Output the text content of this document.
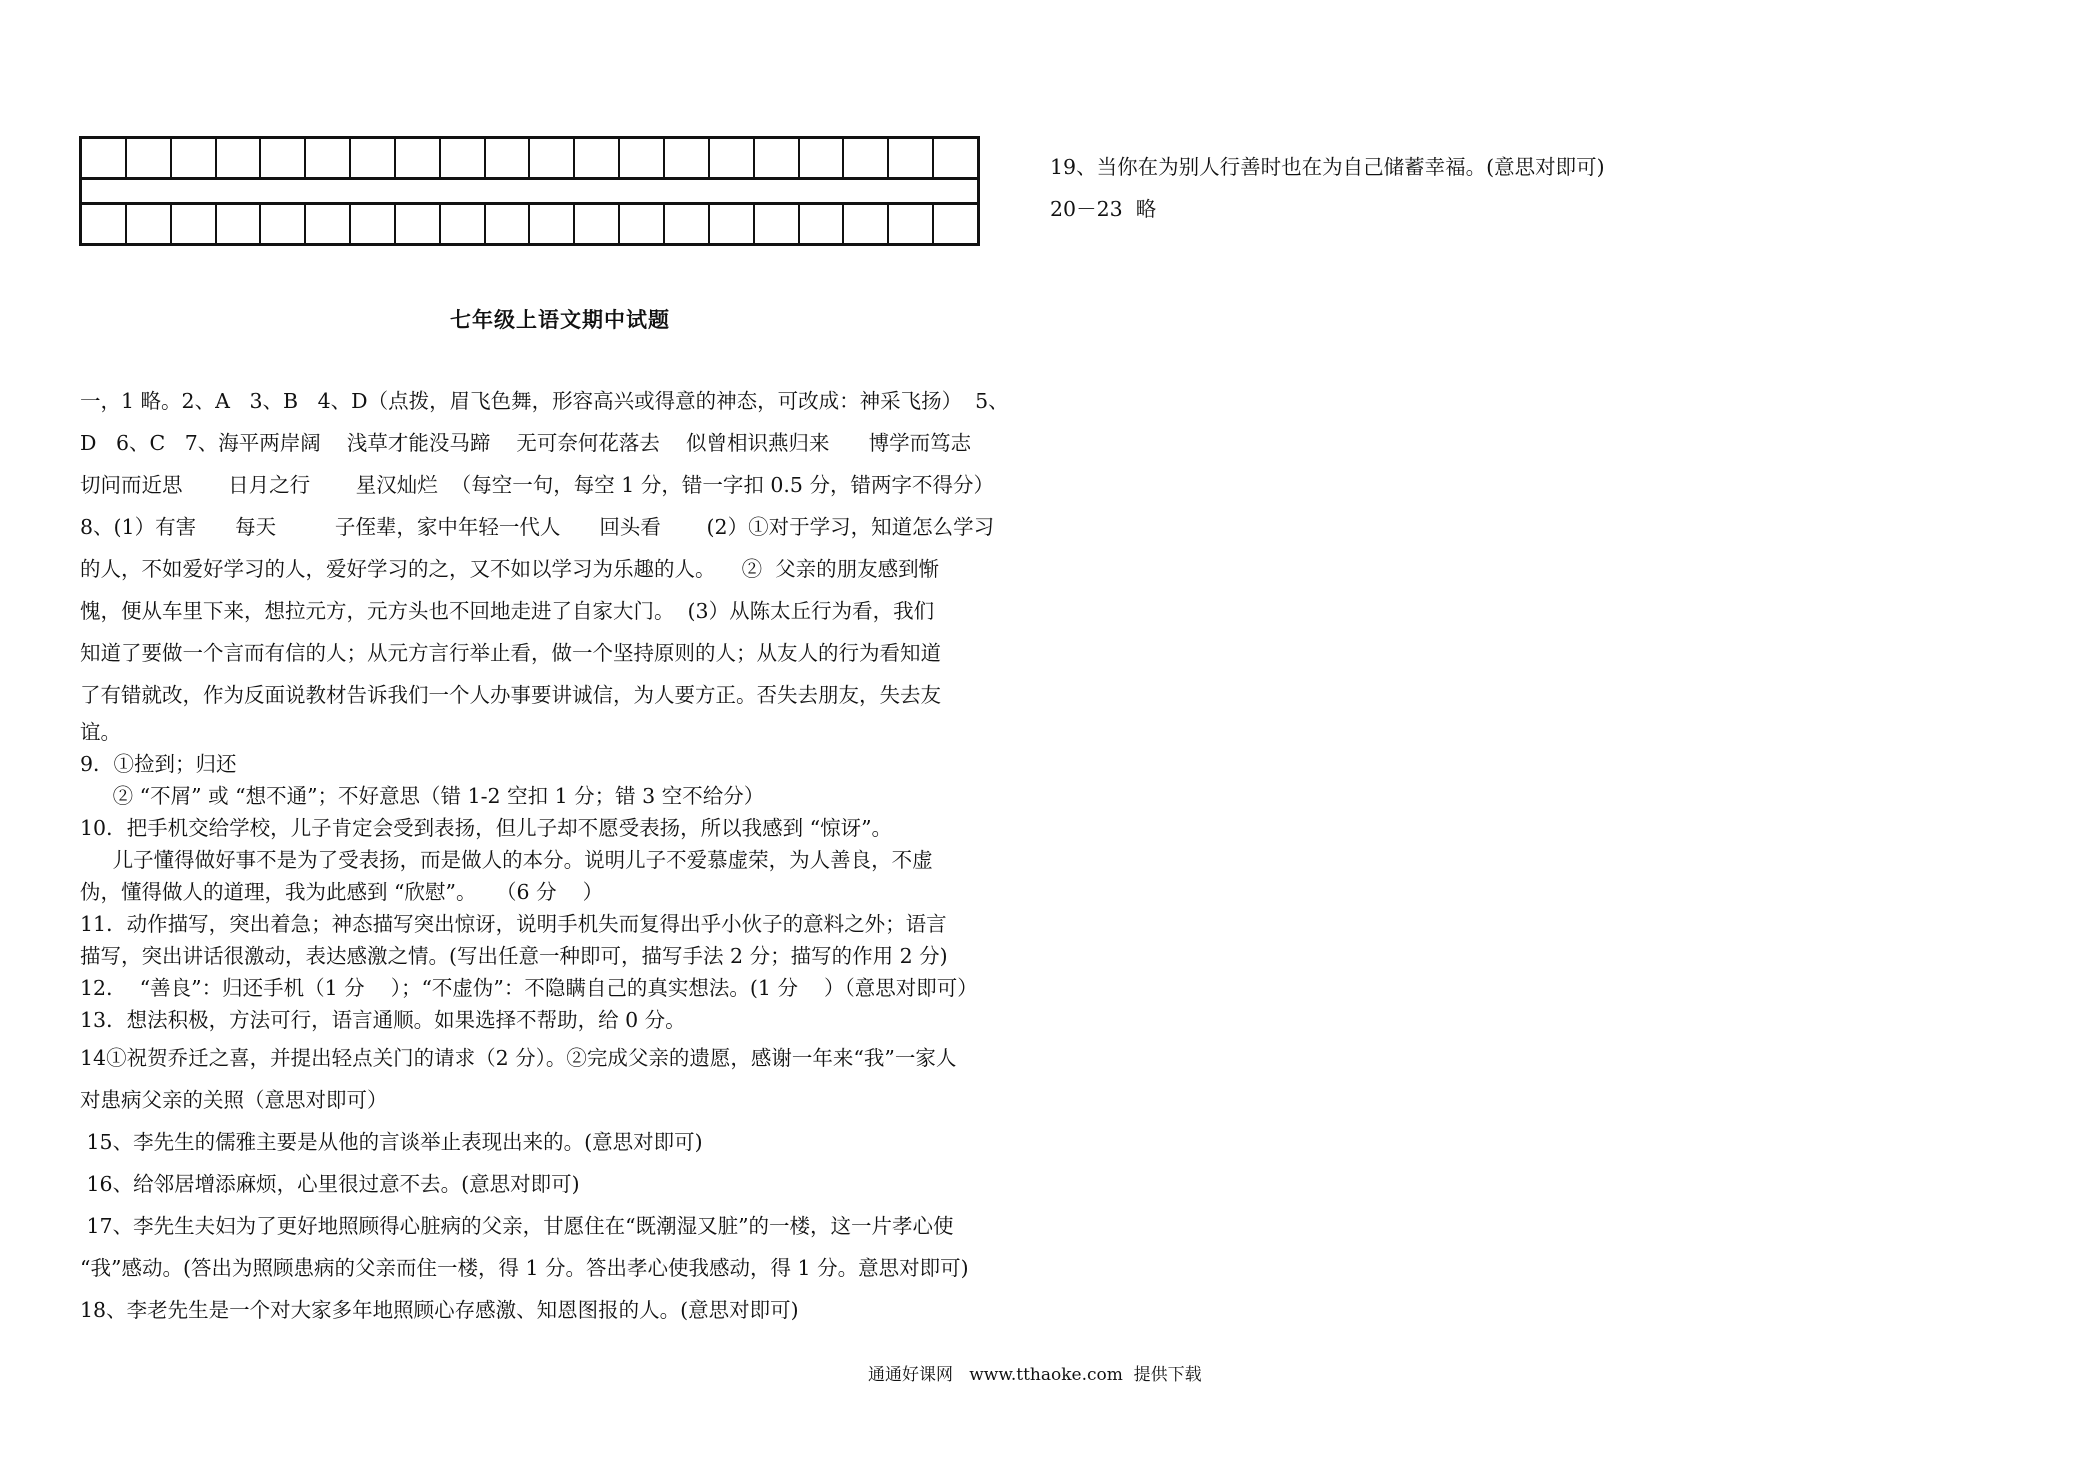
七年级上语文期中试题
一，1 略。2、A   3、B   4、D（点拨，眉飞色舞，形容高兴或得意的神态，可改成：神采飞扬）  5、
D   6、C   7、海平两岸阔    浅草才能没马蹄    无可奈何花落去    似曾相识燕归来      博学而笃志
切问而近思       日月之行       星汉灿烂  （每空一句，每空 1 分，错一字扣 0.5 分，错两字不得分）
8、(1）有害      每天         子侄辈，家中年轻一代人      回头看       (2）①对于学习，知道怎么学习
的人，不如爱好学习的人，爱好学习的之，又不如以学习为乐趣的人。    ②  父亲的朋友感到惭
愧，便从车里下来，想拉元方，元方头也不回地走进了自家大门。  (3）从陈太丘行为看，我们
知道了要做一个言而有信的人；从元方言行举止看，做一个坚持原则的人；从友人的行为看知道
了有错就改，作为反面说教材告诉我们一个人办事要讲诚信，为人要方正。否失去朋友，失去友
谊。
9．①捡到；归还
② “不屑” 或 “想不通”；不好意思（错 1-2 空扣 1 分；错 3 空不给分）
10．把手机交给学校，儿子肯定会受到表扬，但儿子却不愿受表扬，所以我感到 “惊讶”。
儿子懂得做好事不是为了受表扬，而是做人的本分。说明儿子不爱慕虚荣，为人善良，不虚
伪，懂得做人的道理，我为此感到 “欣慰”。   （6 分    ）
11．动作描写，突出着急；神态描写突出惊讶，说明手机失而复得出乎小伙子的意料之外；语言
描写，突出讲话很激动，表达感激之情。(写出任意一种即可，描写手法 2 分；描写的作用 2 分)
12．  “善良”：归还手机（1 分    ）；“不虚伪”：不隐瞒自己的真实想法。(1 分    ）（意思对即可）
13．想法积极，方法可行，语言通顺。如果选择不帮助，给 0 分。
14①祝贺乔迁之喜，并提出轻点关门的请求（2 分）。②完成父亲的遗愿，感谢一年来“我”一家人
对患病父亲的关照（意思对即可）
15、李先生的儒雅主要是从他的言谈举止表现出来的。(意思对即可)
16、给邻居增添麻烦，心里很过意不去。(意思对即可)
17、李先生夫妇为了更好地照顾得心脏病的父亲，甘愿住在“既潮湿又脏”的一楼，这一片孝心使
“我”感动。(答出为照顾患病的父亲而住一楼，得 1 分。答出孝心使我感动，得 1 分。意思对即可)
18、李老先生是一个对大家多年地照顾心存感激、知恩图报的人。(意思对即可)
19、当你在为别人行善时也在为自己储蓄幸福。(意思对即可)
20－23  略
通通好课网   www.tthaoke.com  提供下载
